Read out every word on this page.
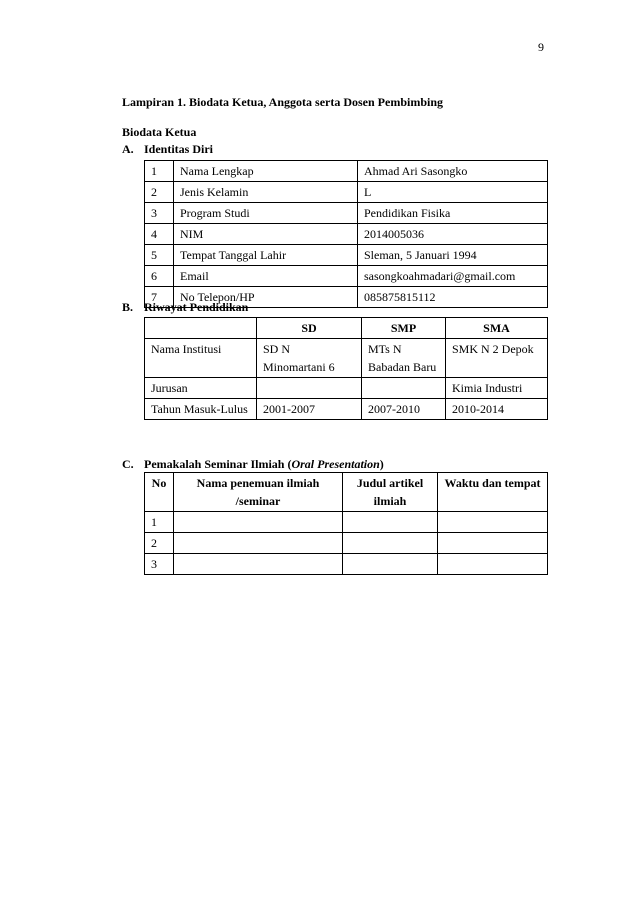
9
Lampiran 1. Biodata Ketua, Anggota serta Dosen Pembimbing
Biodata Ketua
A. Identitas Diri
1	Nama Lengkap	Ahmad Ari Sasongko
2	Jenis Kelamin	L
3	Program Studi	Pendidikan Fisika
4	NIM	2014005036
5	Tempat Tanggal Lahir	Sleman, 5 Januari 1994
6	Email	sasongkoahmadari@gmail.com
7	No Telepon/HP	085875815112
B. Riwayat Pendidikan
	SD	SMP	SMA
Nama Institusi	SD N Minomartani 6	MTs N Babadan Baru	SMK N 2 Depok
Jurusan			Kimia Industri
Tahun Masuk-Lulus	2001-2007	2007-2010	2010-2014
C. Pemakalah Seminar Ilmiah (Oral Presentation)
No	Nama penemuan ilmiah /seminar	Judul artikel ilmiah	Waktu dan tempat
1			
2			
3			
